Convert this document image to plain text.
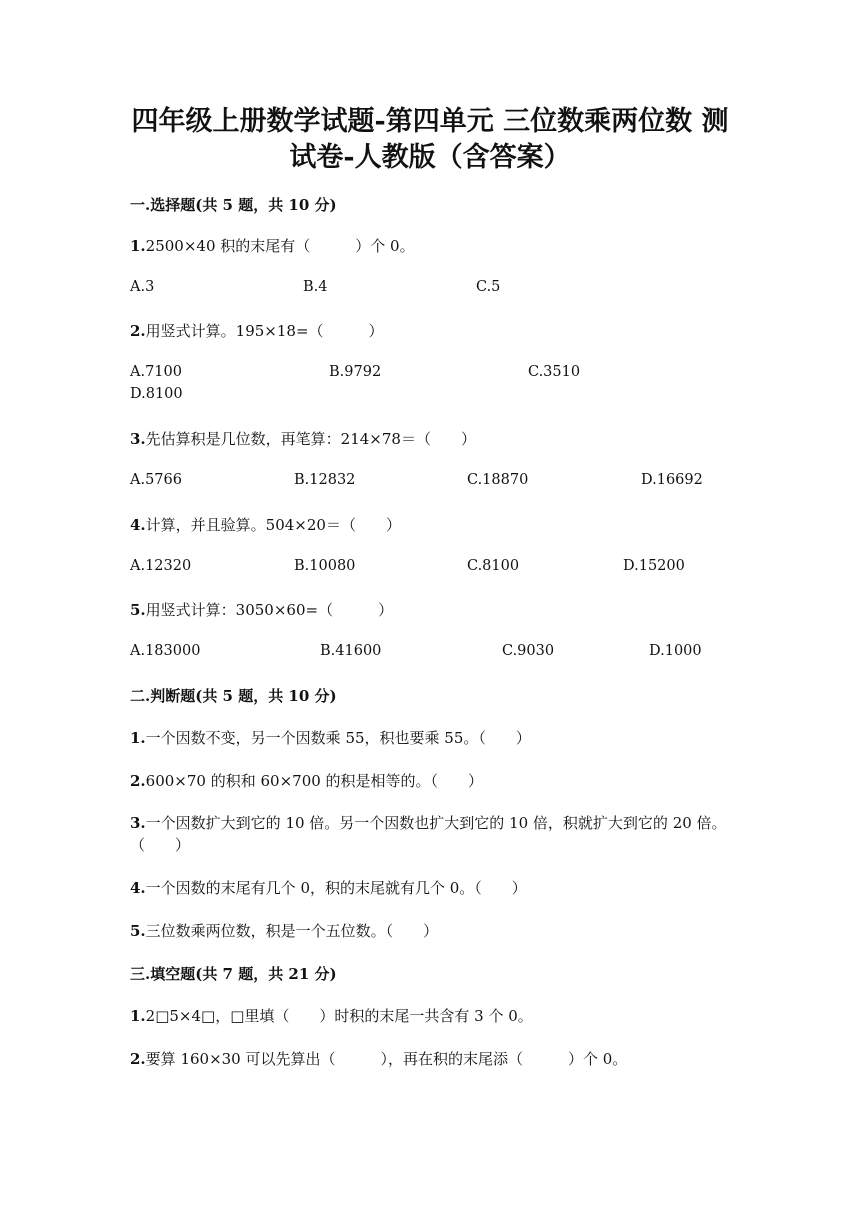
四年级上册数学试题-第四单元 三位数乘两位数 测
试卷-人教版（含答案）
一.选择题(共 5 题，共 10 分)
1.2500×40 积的末尾有（　　　）个 0。
A.3	B.4	C.5
2.用竖式计算。195×18=（　　　）
A.7100	B.9792	C.3510
D.8100
3.先估算积是几位数，再笔算：214×78＝（　　）
A.5766	B.12832	C.18870	D.16692
4.计算，并且验算。504×20＝（　　）
A.12320	B.10080	C.8100	D.15200
5.用竖式计算：3050×60=（　　　）
A.183000	B.41600	C.9030	D.1000
二.判断题(共 5 题，共 10 分)
1.一个因数不变，另一个因数乘 55，积也要乘 55。（　　）
2.600×70 的积和 60×700 的积是相等的。（　　）
3.一个因数扩大到它的 10 倍。另一个因数也扩大到它的 10 倍，积就扩大到它的 20 倍。（　　）
4.一个因数的末尾有几个 0，积的末尾就有几个 0。（　　）
5.三位数乘两位数，积是一个五位数。（　　）
三.填空题(共 7 题，共 21 分)
1.2□5×4□，□里填（　　）时积的末尾一共含有 3 个 0。
2.要算 160×30 可以先算出（　　　），再在积的末尾添（　　　）个 0。
